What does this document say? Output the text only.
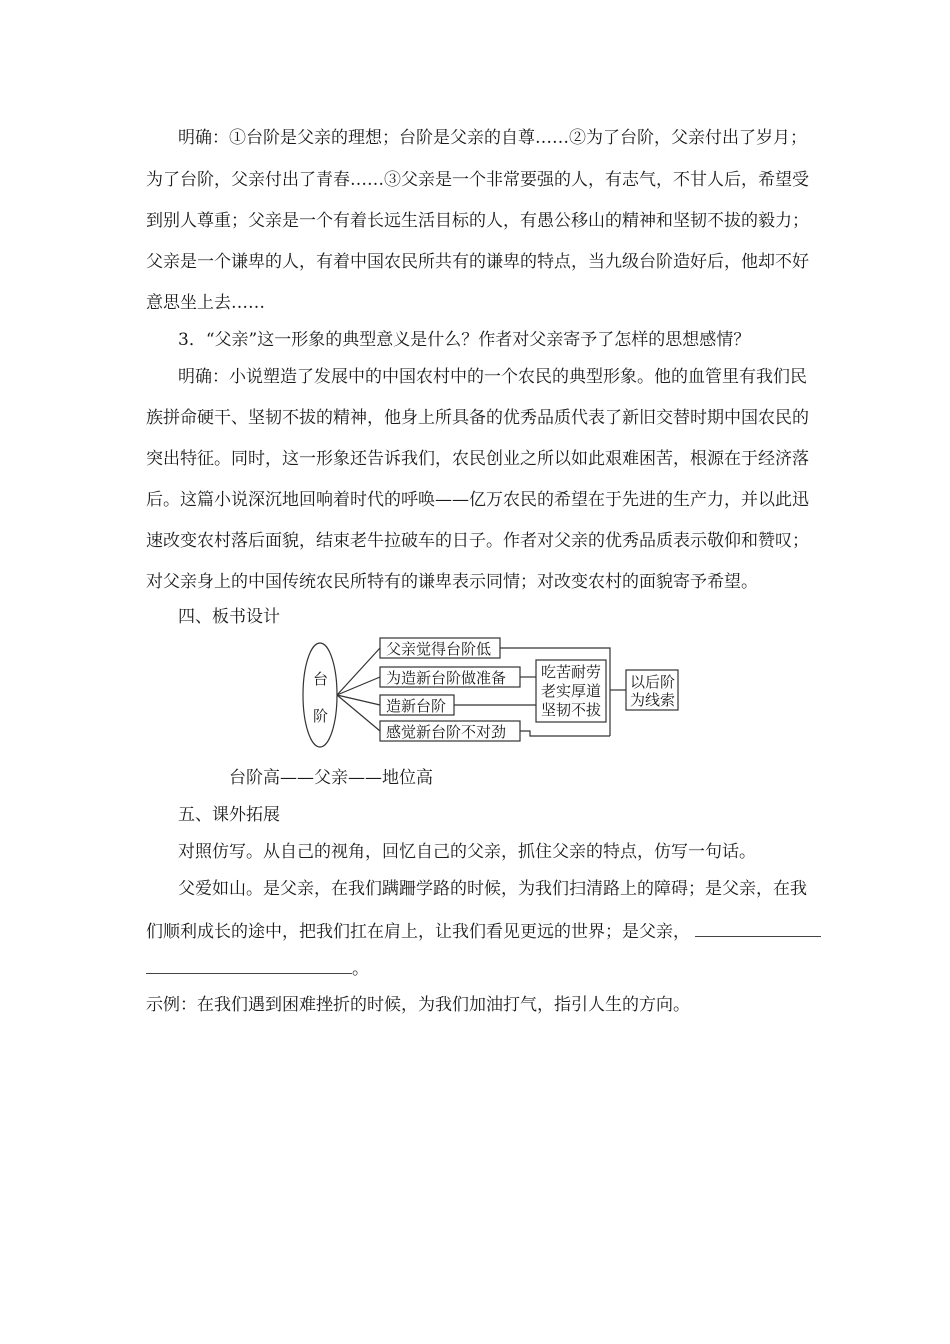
明确：①台阶是父亲的理想；台阶是父亲的自尊……②为了台阶，父亲付出了岁月；
为了台阶，父亲付出了青春……③父亲是一个非常要强的人，有志气，不甘人后，希望受
到别人尊重；父亲是一个有着长远生活目标的人，有愚公移山的精神和坚韧不拔的毅力；
父亲是一个谦卑的人，有着中国农民所共有的谦卑的特点，当九级台阶造好后，他却不好
意思坐上去……
3．“父亲”这一形象的典型意义是什么？作者对父亲寄予了怎样的思想感情？
明确：小说塑造了发展中的中国农村中的一个农民的典型形象。他的血管里有我们民
族拼命硬干、坚韧不拔的精神，他身上所具备的优秀品质代表了新旧交替时期中国农民的
突出特征。同时，这一形象还告诉我们，农民创业之所以如此艰难困苦，根源在于经济落
后。这篇小说深沉地回响着时代的呼唤——亿万农民的希望在于先进的生产力，并以此迅
速改变农村落后面貌，结束老牛拉破车的日子。作者对父亲的优秀品质表示敬仰和赞叹；
对父亲身上的中国传统农民所特有的谦卑表示同情；对改变农村的面貌寄予希望。
四、板书设计
台
阶
父亲觉得台阶低
为造新台阶做准备
造新台阶
感觉新台阶不对劲
吃苦耐劳
老实厚道
坚韧不拔
以后阶
为线索
台阶高——父亲——地位高
五、课外拓展
对照仿写。从自己的视角，回忆自己的父亲，抓住父亲的特点，仿写一句话。
父爱如山。是父亲，在我们蹒跚学路的时候，为我们扫清路上的障碍；是父亲，在我
们顺利成长的途中，把我们扛在肩上，让我们看见更远的世界；是父亲，
。
示例：在我们遇到困难挫折的时候，为我们加油打气，指引人生的方向。
